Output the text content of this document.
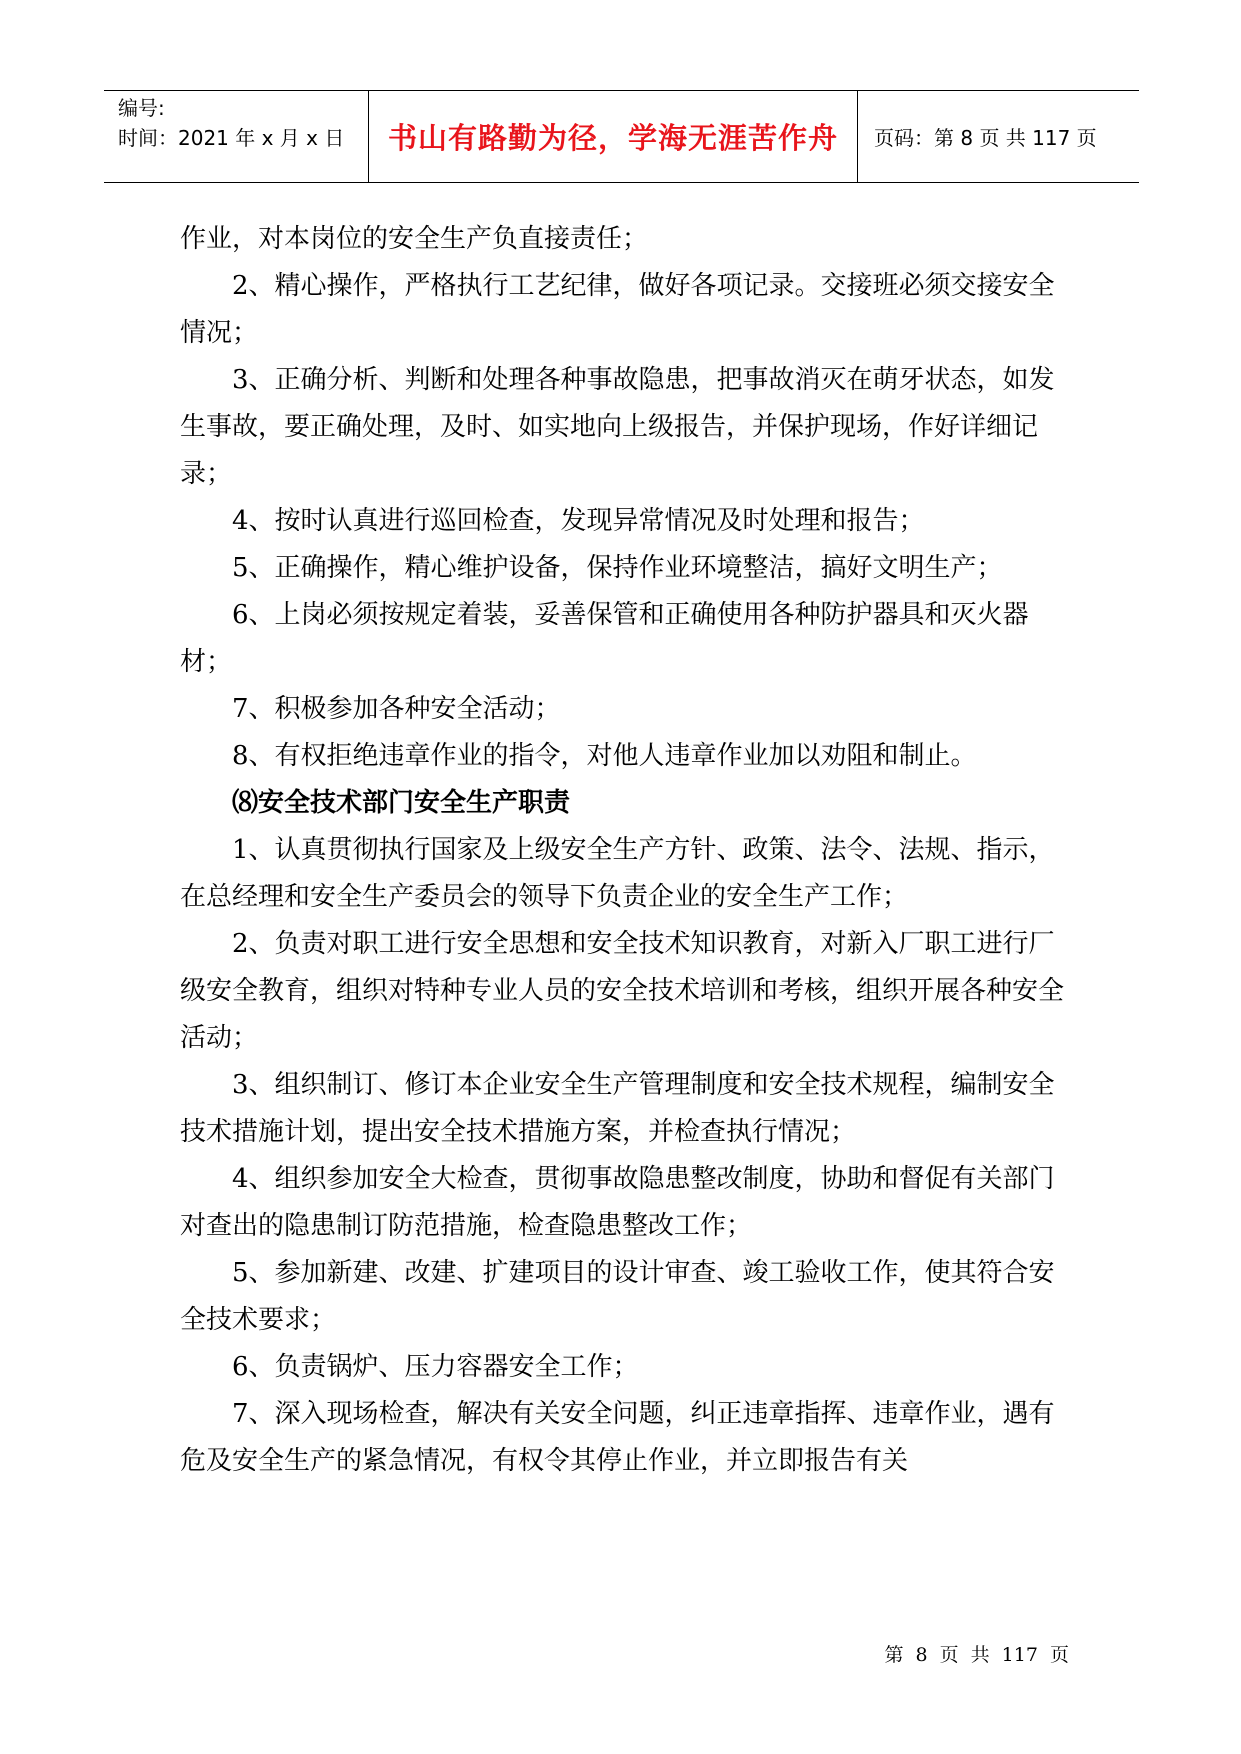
编号:
时间：2021 年 x 月 x 日	书山有路勤为径，学海无涯苦作舟	页码：第 8 页 共 117 页

作业，对本岗位的安全生产负直接责任；

2、精心操作，严格执行工艺纪律，做好各项记录。交接班必须交接安全情况；

3、正确分析、判断和处理各种事故隐患，把事故消灭在萌牙状态，如发生事故，要正确处理，及时、如实地向上级报告，并保护现场，作好详细记录；

4、按时认真进行巡回检查，发现异常情况及时处理和报告；

5、正确操作，精心维护设备，保持作业环境整洁，搞好文明生产；

6、上岗必须按规定着装，妥善保管和正确使用各种防护器具和灭火器材；

7、积极参加各种安全活动；

8、有权拒绝违章作业的指令，对他人违章作业加以劝阻和制止。

⑻安全技术部门安全生产职责

1、认真贯彻执行国家及上级安全生产方针、政策、法令、法规、指示，在总经理和安全生产委员会的领导下负责企业的安全生产工作；

2、负责对职工进行安全思想和安全技术知识教育，对新入厂职工进行厂级安全教育，组织对特种专业人员的安全技术培训和考核，组织开展各种安全活动；

3、组织制订、修订本企业安全生产管理制度和安全技术规程，编制安全技术措施计划，提出安全技术措施方案，并检查执行情况；

4、组织参加安全大检查，贯彻事故隐患整改制度，协助和督促有关部门对查出的隐患制订防范措施，检查隐患整改工作；

5、参加新建、改建、扩建项目的设计审查、竣工验收工作，使其符合安全技术要求；

6、负责锅炉、压力容器安全工作；

7、深入现场检查，解决有关安全问题，纠正违章指挥、违章作业，遇有危及安全生产的紧急情况，有权令其停止作业，并立即报告有关

第 8 页 共 117 页
